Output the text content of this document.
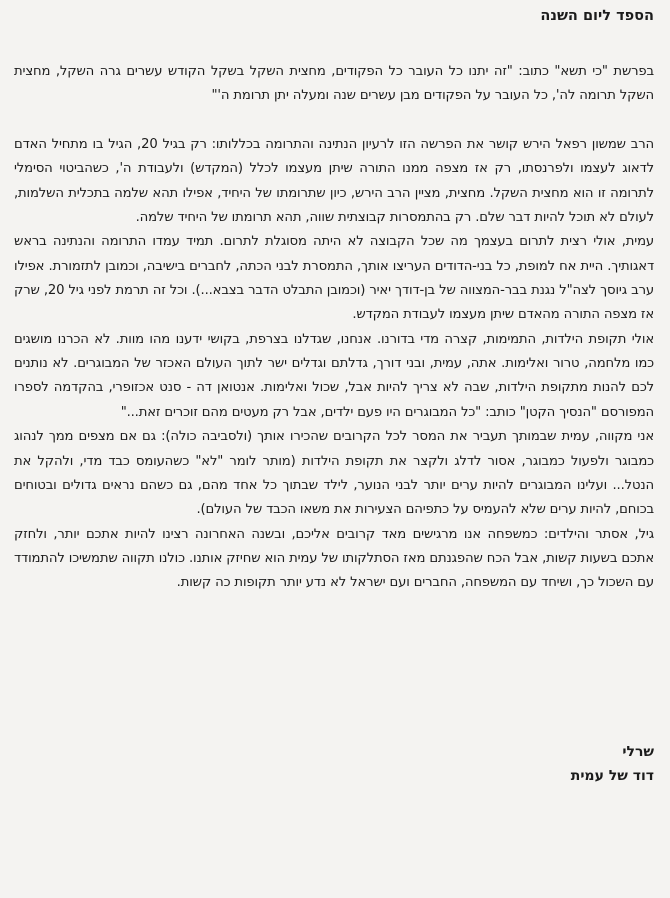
הספד ליום השנה

בפרשת "כי תשא" כתוב: "זה יתנו כל העובר כל הפקודים, מחצית השקל בשקל הקודש עשרים גרה השקל, מחצית השקל תרומה לה', כל העובר על הפקודים מבן עשרים שנה ומעלה יתן תרומת ה'"

הרב שמשון רפאל הירש קושר את הפרשה הזו לרעיון הנתינה והתרומה בכללותו: רק בגיל 20, הגיל בו מתחיל האדם לדאוג לעצמו ולפרנסתו, רק אז מצפה ממנו התורה שיתן מעצמו לכלל (המקדש) ולעבודת ה', כשהביטוי הסימלי לתרומה זו הוא מחצית השקל. מחצית, מציין הרב הירש, כיון שתרומתו של היחיד, אפילו תהא שלמה בתכלית השלמות, לעולם לא תוכל להיות דבר שלם. רק בהתמסרות קבוצתית שווה, תהא תרומתו של היחיד שלמה.

עמית, אולי רצית לתרום בעצמך מה שכל הקבוצה לא היתה מסוגלת לתרום. תמיד עמדו התרומה והנתינה בראש דאגותיך. היית אח למופת, כל בני-הדודים העריצו אותך, התמסרת לבני הכתה, לחברים בישיבה, וכמובן לתזמורת. אפילו ערב גיוסך לצה"ל נגנת בבר-המצווה של בן-דודך יאיר (וכמובן התבלט הדבר בצבא...). וכל זה תרמת לפני גיל 20, שרק אז מצפה התורה מהאדם שיתן מעצמו לעבודת המקדש.

אולי תקופת הילדות, התמימות, קצרה מדי בדורנו. אנחנו, שגדלנו בצרפת, בקושי ידענו מהו מוות. לא הכרנו מושגים כמו מלחמה, טרור ואלימות. אתה, עמית, ובני דורך, גדלתם וגדלים ישר לתוך העולם האכזר של המבוגרים. לא נותנים לכם להנות מתקופת הילדות, שבה לא צריך להיות אבל, שכול ואלימות. אנטואן דה - סנט אכזופרי, בהקדמה לספרו המפורסם "הנסיך הקטן" כותב: "כל המבוגרים היו פעם ילדים, אבל רק מעטים מהם זוכרים זאת..."

אני מקווה, עמית שבמותך תעביר את המסר לכל הקרובים שהכירו אותך (ולסביבה כולה): גם אם מצפים ממך לנהוג כמבוגר ולפעול כמבוגר, אסור לדלג ולקצר את תקופת הילדות (מותר לומר "לא" כשהעומס כבד מדי, ולהקל את הנטל... ועלינו המבוגרים להיות ערים יותר לבני הנוער, לילד שבתוך כל אחד מהם, גם כשהם נראים גדולים ובטוחים בכוחם, להיות ערים שלא להעמיס על כתפיהם הצעירות את משאו הכבד של העולם).

גיל, אסתר והילדים: כמשפחה אנו מרגישים מאד קרובים אליכם, ובשנה האחרונה רצינו להיות אתכם יותר, ולחזק אתכם בשעות קשות, אבל הכח שהפגנתם מאז הסתלקותו של עמית הוא שחיזק אותנו. כולנו תקווה שתמשיכו להתמודד עם השכול כך, ושיחד עם המשפחה, החברים ועם ישראל לא נדע יותר תקופות כה קשות.

שרלי
דוד של עמית
